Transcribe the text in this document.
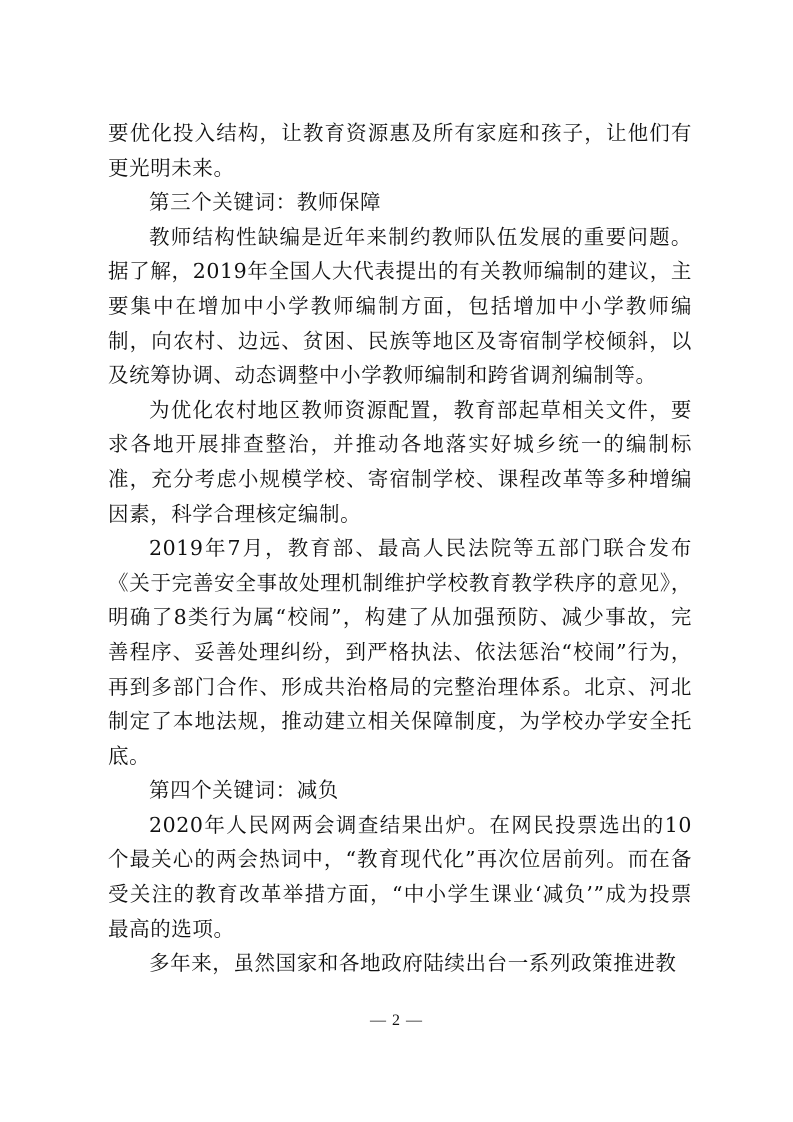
要优化投入结构，让教育资源惠及所有家庭和孩子，让他们有更光明未来。

第三个关键词：教师保障

教师结构性缺编是近年来制约教师队伍发展的重要问题。据了解，2019年全国人大代表提出的有关教师编制的建议，主要集中在增加中小学教师编制方面，包括增加中小学教师编制，向农村、边远、贫困、民族等地区及寄宿制学校倾斜，以及统筹协调、动态调整中小学教师编制和跨省调剂编制等。

为优化农村地区教师资源配置，教育部起草相关文件，要求各地开展排查整治，并推动各地落实好城乡统一的编制标准，充分考虑小规模学校、寄宿制学校、课程改革等多种增编因素，科学合理核定编制。

2019年7月，教育部、最高人民法院等五部门联合发布《关于完善安全事故处理机制维护学校教育教学秩序的意见》，明确了8类行为属“校闹”，构建了从加强预防、减少事故，完善程序、妥善处理纠纷，到严格执法、依法惩治“校闹”行为，再到多部门合作、形成共治格局的完整治理体系。北京、河北制定了本地法规，推动建立相关保障制度，为学校办学安全托底。

第四个关键词：减负

2020年人民网两会调查结果出炉。在网民投票选出的10个最关心的两会热词中，“教育现代化”再次位居前列。而在备受关注的教育改革举措方面，“中小学生课业‘减负’”成为投票最高的选项。

多年来，虽然国家和各地政府陆续出台一系列政策推进教

— 2 —
